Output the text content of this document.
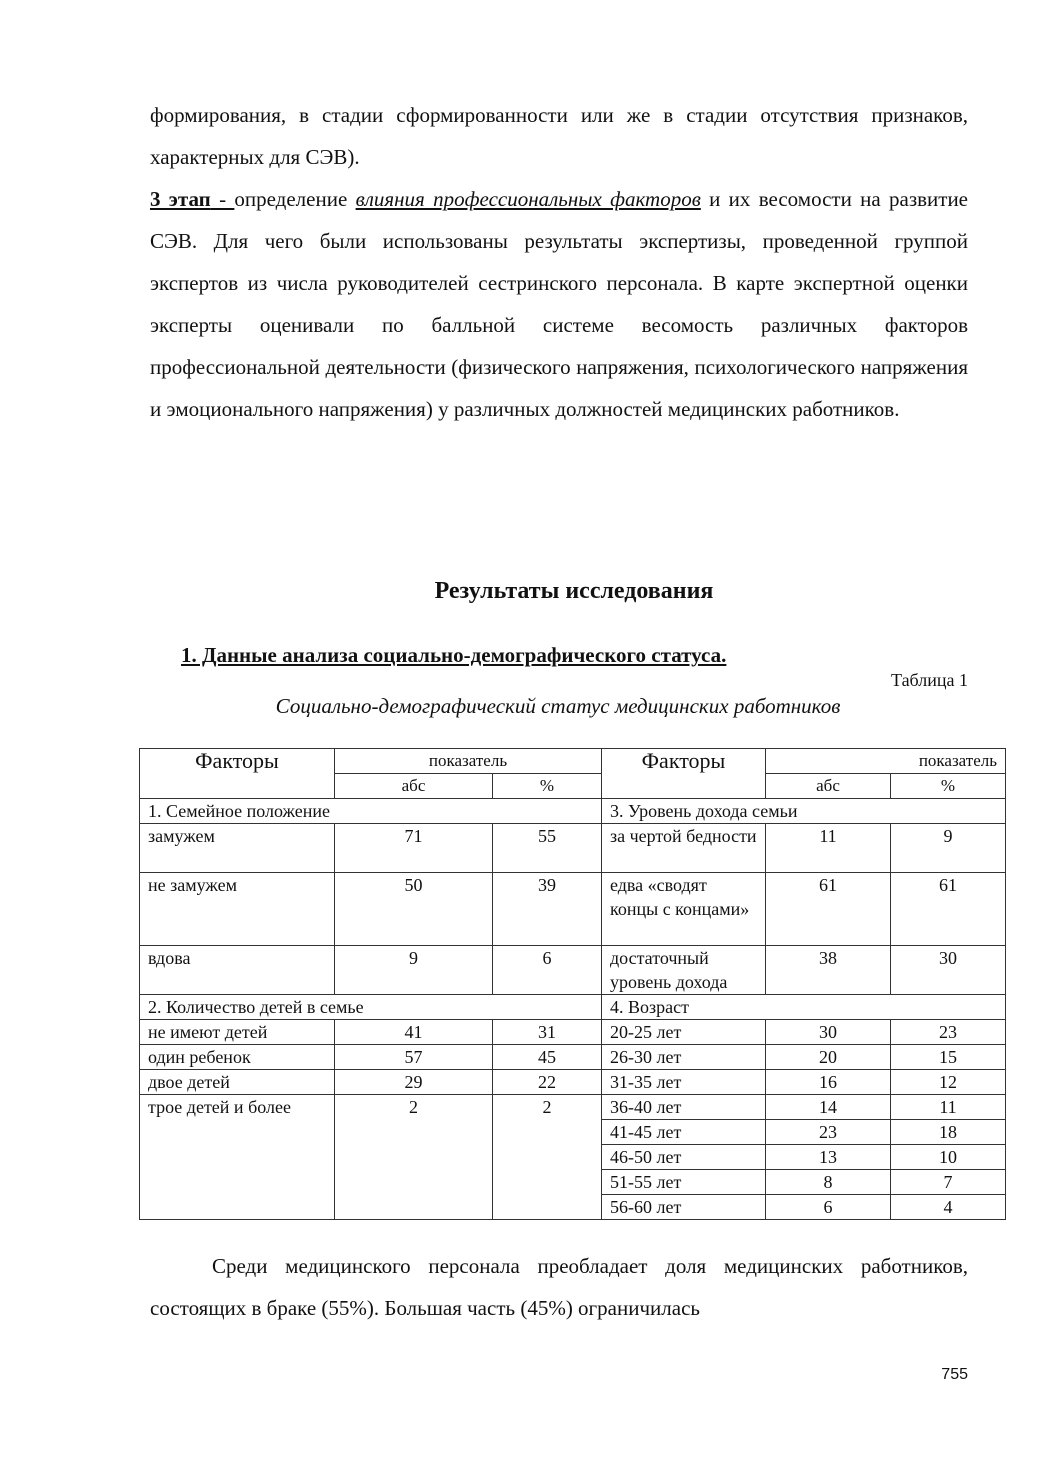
формирования, в стадии сформированности или же в стадии отсутствия признаков, характерных для СЭВ).

3 этап - определение влияния профессиональных факторов и их весомости на развитие СЭВ. Для чего были использованы результаты экспертизы, проведенной группой экспертов из числа руководителей сестринского персонала. В карте экспертной оценки эксперты оценивали по балльной системе весомость различных факторов профессиональной деятельности (физического напряжения, психологического напряжения и эмоционального напряжения) у различных должностей медицинских работников.

Результаты исследования
1. Данные анализа социально-демографического статуса.

Таблица 1

Социально-демографический статус медицинских работников

Факторы	показатель		Факторы	показатель	
	абс	%		абс	%
1. Семейное положение			3. Уровень дохода семьи		
замужем	71	55	за чертой бедности	11	9
не замужем	50	39	едва «сводят концы с концами»	61	61
вдова	9	6	достаточный уровень дохода	38	30
2. Количество детей в семье			4. Возраст		
не имеют детей	41	31	20-25 лет	30	23
один ребенок	57	45	26-30 лет	20	15
двое детей	29	22	31-35 лет	16	12
трое детей и более	2	2	36-40 лет	14	11
			41-45 лет	23	18
			46-50 лет	13	10
			51-55 лет	8	7
			56-60 лет	6	4

Среди медицинского персонала преобладает доля медицинских работников, состоящих в браке (55%). Большая часть (45%) ограничилась

755
